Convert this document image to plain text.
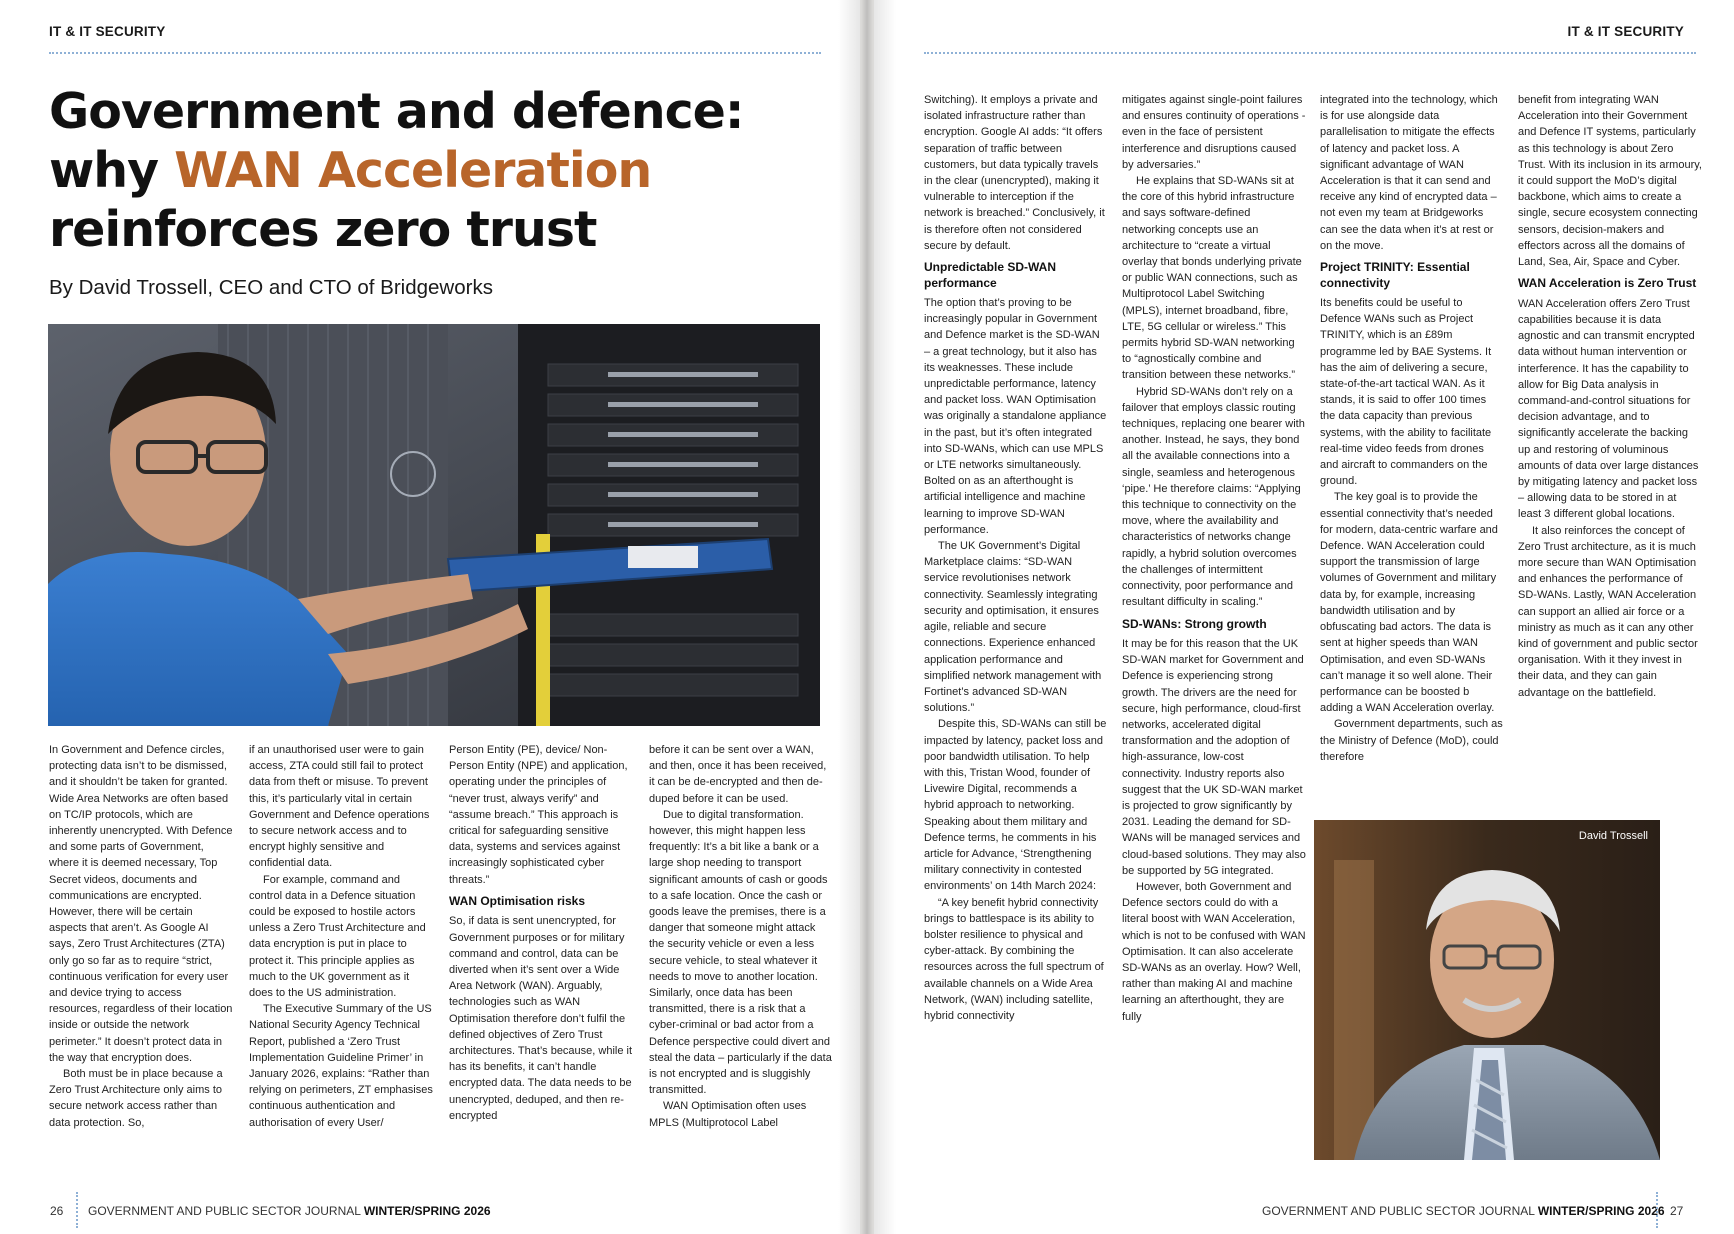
IT & IT SECURITY
Government and defence:
why WAN Acceleration
reinforces zero trust
By David Trossell, CEO and CTO of Bridgeworks

In Government and Defence circles, protecting data isn’t to be dismissed, and it shouldn’t be taken for granted. Wide Area Networks are often based on TC/IP protocols, which are inherently unencrypted. With Defence and some parts of Government, where it is deemed necessary, Top Secret videos, documents and communications are encrypted. However, there will be certain aspects that aren’t. As Google AI says, Zero Trust Architectures (ZTA) only go so far as to require “strict, continuous verification for every user and device trying to access resources, regardless of their location inside or outside the network perimeter.” It doesn’t protect data in the way that encryption does.

Both must be in place because a Zero Trust Architecture only aims to secure network access rather than data protection. So,

if an unauthorised user were to gain access, ZTA could still fail to protect data from theft or misuse. To prevent this, it’s particularly vital in certain Government and Defence operations to secure network access and to encrypt highly sensitive and confidential data.

For example, command and control data in a Defence situation could be exposed to hostile actors unless a Zero Trust Architecture and data encryption is put in place to protect it. This principle applies as much to the UK government as it does to the US administration.

The Executive Summary of the US National Security Agency Technical Report, published a ‘Zero Trust Implementation Guideline Primer’ in January 2026, explains: “Rather than relying on perimeters, ZT emphasises continuous authentication and authorisation of every User/

Person Entity (PE), device/ Non-Person Entity (NPE) and application, operating under the principles of “never trust, always verify” and “assume breach.” This approach is critical for safeguarding sensitive data, systems and services against increasingly sophisticated cyber threats.”

WAN Optimisation risks

So, if data is sent unencrypted, for Government purposes or for military command and control, data can be diverted when it’s sent over a Wide Area Network (WAN). Arguably, technologies such as WAN Optimisation therefore don’t fulfil the defined objectives of Zero Trust architectures. That’s because, while it has its benefits, it can’t handle encrypted data. The data needs to be unencrypted, deduped, and then re-encrypted

before it can be sent over a WAN, and then, once it has been received, it can be de-encrypted and then de-duped before it can be used.

Due to digital transformation. however, this might happen less frequently: It’s a bit like a bank or a large shop needing to transport significant amounts of cash or goods to a safe location. Once the cash or goods leave the premises, there is a danger that someone might attack the security vehicle or even a less secure vehicle, to steal whatever it needs to move to another location. Similarly, once data has been transmitted, there is a risk that a cyber-criminal or bad actor from a Defence perspective could divert and steal the data – particularly if the data is not encrypted and is sluggishly transmitted.

WAN Optimisation often uses MPLS (Multiprotocol Label

26 GOVERNMENT AND PUBLIC SECTOR JOURNAL WINTER/SPRING 2026
IT & IT SECURITY

Switching). It employs a private and isolated infrastructure rather than encryption. Google AI adds: “It offers separation of traffic between customers, but data typically travels in the clear (unencrypted), making it vulnerable to interception if the network is breached.” Conclusively, it is therefore often not considered secure by default.

Unpredictable SD-WAN performance

The option that’s proving to be increasingly popular in Government and Defence market is the SD-WAN – a great technology, but it also has its weaknesses. These include unpredictable performance, latency and packet loss. WAN Optimisation was originally a standalone appliance in the past, but it’s often integrated into SD-WANs, which can use MPLS or LTE networks simultaneously. Bolted on as an afterthought is artificial intelligence and machine learning to improve SD-WAN performance.

The UK Government’s Digital Marketplace claims: “SD-WAN service revolutionises network connectivity. Seamlessly integrating security and optimisation, it ensures agile, reliable and secure connections. Experience enhanced application performance and simplified network management with Fortinet’s advanced SD-WAN solutions.”

Despite this, SD-WANs can still be impacted by latency, packet loss and poor bandwidth utilisation. To help with this, Tristan Wood, founder of Livewire Digital, recommends a hybrid approach to networking. Speaking about them military and Defence terms, he comments in his article for Advance, ‘Strengthening military connectivity in contested environments’ on 14th March 2024:

“A key benefit hybrid connectivity brings to battlespace is its ability to bolster resilience to physical and cyber-attack. By combining the resources across the full spectrum of available channels on a Wide Area Network, (WAN) including satellite, hybrid connectivity

mitigates against single-point failures and ensures continuity of operations - even in the face of persistent interference and disruptions caused by adversaries.”

He explains that SD-WANs sit at the core of this hybrid infrastructure and says software-defined networking concepts use an architecture to “create a virtual overlay that bonds underlying private or public WAN connections, such as Multiprotocol Label Switching (MPLS), internet broadband, fibre, LTE, 5G cellular or wireless.” This permits hybrid SD-WAN networking to “agnostically combine and transition between these networks.”

Hybrid SD-WANs don’t rely on a failover that employs classic routing techniques, replacing one bearer with another. Instead, he says, they bond all the available connections into a single, seamless and heterogenous ‘pipe.’ He therefore claims: “Applying this technique to connectivity on the move, where the availability and characteristics of networks change rapidly, a hybrid solution overcomes the challenges of intermittent connectivity, poor performance and resultant difficulty in scaling.”

SD-WANs: Strong growth

It may be for this reason that the UK SD-WAN market for Government and Defence is experiencing strong growth. The drivers are the need for secure, high performance, cloud-first networks, accelerated digital transformation and the adoption of high-assurance, low-cost connectivity. Industry reports also suggest that the UK SD-WAN market is projected to grow significantly by 2031. Leading the demand for SD-WANs will be managed services and cloud-based solutions. They may also be supported by 5G integrated.

However, both Government and Defence sectors could do with a literal boost with WAN Acceleration, which is not to be confused with WAN Optimisation. It can also accelerate SD-WANs as an overlay. How? Well, rather than making AI and machine learning an afterthought, they are fully

integrated into the technology, which is for use alongside data parallelisation to mitigate the effects of latency and packet loss. A significant advantage of WAN Acceleration is that it can send and receive any kind of encrypted data – not even my team at Bridgeworks can see the data when it’s at rest or on the move.

Project TRINITY: Essential connectivity

Its benefits could be useful to Defence WANs such as Project TRINITY, which is an £89m programme led by BAE Systems. It has the aim of delivering a secure, state-of-the-art tactical WAN. As it stands, it is said to offer 100 times the data capacity than previous systems, with the ability to facilitate real-time video feeds from drones and aircraft to commanders on the ground.

The key goal is to provide the essential connectivity that’s needed for modern, data-centric warfare and Defence. WAN Acceleration could support the transmission of large volumes of Government and military data by, for example, increasing bandwidth utilisation and by obfuscating bad actors. The data is sent at higher speeds than WAN Optimisation, and even SD-WANs can’t manage it so well alone. Their performance can be boosted b adding a WAN Acceleration overlay.

Government departments, such as the Ministry of Defence (MoD), could therefore

benefit from integrating WAN Acceleration into their Government and Defence IT systems, particularly as this technology is about Zero Trust. With its inclusion in its armoury, it could support the MoD’s digital backbone, which aims to create a single, secure ecosystem connecting sensors, decision-makers and effectors across all the domains of Land, Sea, Air, Space and Cyber.

WAN Acceleration is Zero Trust

WAN Acceleration offers Zero Trust capabilities because it is data agnostic and can transmit encrypted data without human intervention or interference. It has the capability to allow for Big Data analysis in command-and-control situations for decision advantage, and to significantly accelerate the backing up and restoring of voluminous amounts of data over large distances by mitigating latency and packet loss – allowing data to be stored in at least 3 different global locations.

It also reinforces the concept of Zero Trust architecture, as it is much more secure than WAN Optimisation and enhances the performance of SD-WANs. Lastly, WAN Acceleration can support an allied air force or a ministry as much as it can any other kind of government and public sector organisation. With it they invest in their data, and they can gain advantage on the battlefield.

David Trossell
GOVERNMENT AND PUBLIC SECTOR JOURNAL WINTER/SPRING 2026 27
